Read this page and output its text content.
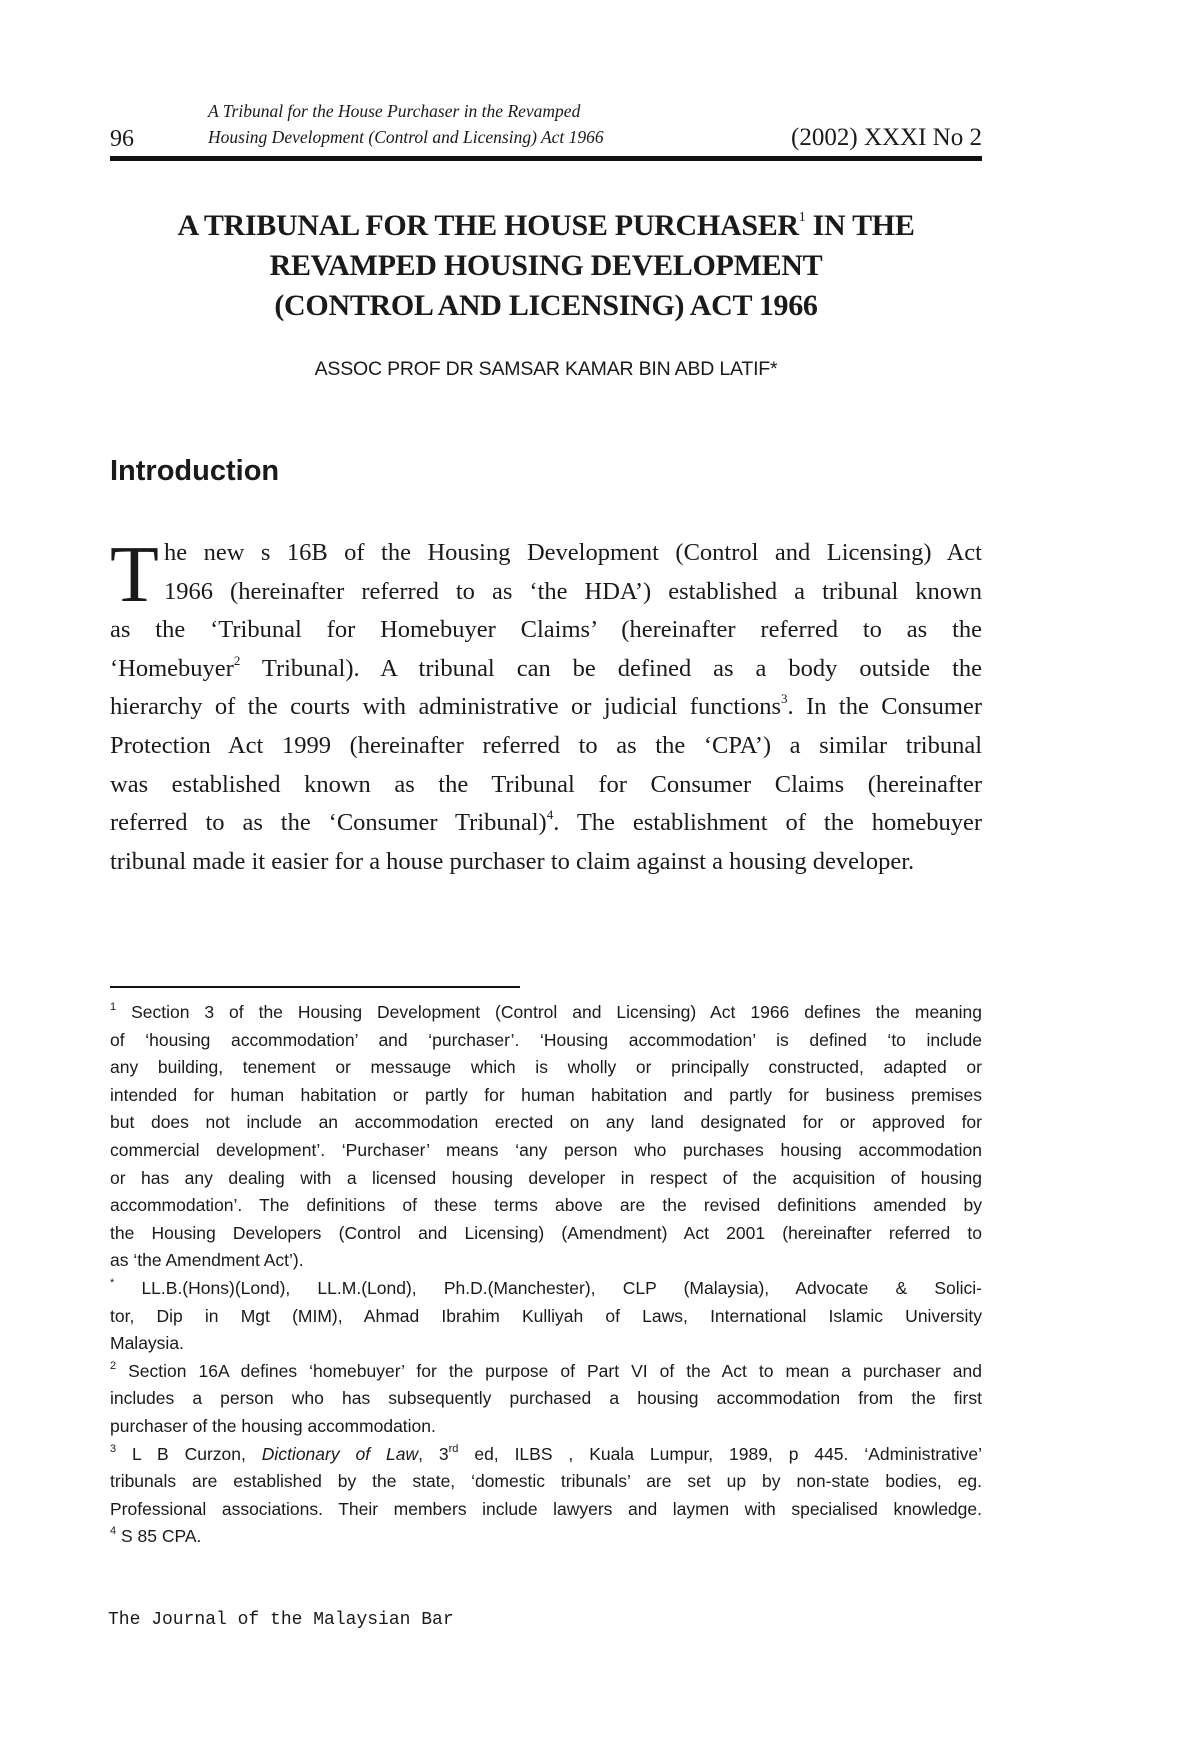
96
A Tribunal for the House Purchaser in the Revamped
Housing Development (Control and Licensing) Act 1966	(2002) XXXI No 2
A TRIBUNAL FOR THE HOUSE PURCHASER$^1$ IN THE
REVAMPED HOUSING DEVELOPMENT
(CONTROL AND LICENSING) ACT 1966
ASSOC PROF DR SAMSAR KAMAR BIN ABD LATIF*
Introduction
T he new s 16B of the Housing Development (Control and Licensing) Act
1966 (hereinafter referred to as ‘the HDA’) established a tribunal known
as the ‘Tribunal for Homebuyer Claims’ (hereinafter referred to as the
‘Homebuyer$^2$ Tribunal). A tribunal can be defined as a body outside the
hierarchy of the courts with administrative or judicial functions$^3$. In the Consumer
Protection Act 1999 (hereinafter referred to as the ‘CPA’) a similar tribunal
was established known as the Tribunal for Consumer Claims (hereinafter
referred to as the ‘Consumer Tribunal)$^4$. The establishment of the homebuyer
tribunal made it easier for a house purchaser to claim against a housing developer.
$^1$ Section 3 of the Housing Development (Control and Licensing) Act 1966 defines the meaning
of ‘housing accommodation’ and ‘purchaser’. ‘Housing accommodation’ is defined ‘to include
any building, tenement or messauge which is wholly or principally constructed, adapted or
intended for human habitation or partly for human habitation and partly for business premises
but does not include an accommodation erected on any land designated for or approved for
commercial development’. ‘Purchaser’ means ‘any person who purchases housing accommodation
or has any dealing with a licensed housing developer in respect of the acquisition of housing
accommodation’. The definitions of these terms above are the revised definitions amended by
the Housing Developers (Control and Licensing) (Amendment) Act 2001 (hereinafter referred to
as ‘the Amendment Act’).
* LL.B.(Hons)(Lond), LL.M.(Lond), Ph.D.(Manchester), CLP (Malaysia), Advocate & Solici-
tor, Dip in Mgt (MIM), Ahmad Ibrahim Kulliyah of Laws, International Islamic University
Malaysia.
$^2$ Section 16A defines ‘homebuyer’ for the purpose of Part VI of the Act to mean a purchaser and
includes a person who has subsequently purchased a housing accommodation from the first
purchaser of the housing accommodation.
$^3$ L B Curzon, Dictionary of Law, 3rd ed, ILBS , Kuala Lumpur, 1989, p 445. ‘Administrative’
tribunals are established by the state, ‘domestic tribunals’ are set up by non-state bodies, eg.
Professional associations. Their members include lawyers and laymen with specialised knowledge.
$^4$ S 85 CPA.
The Journal of the Malaysian Bar
